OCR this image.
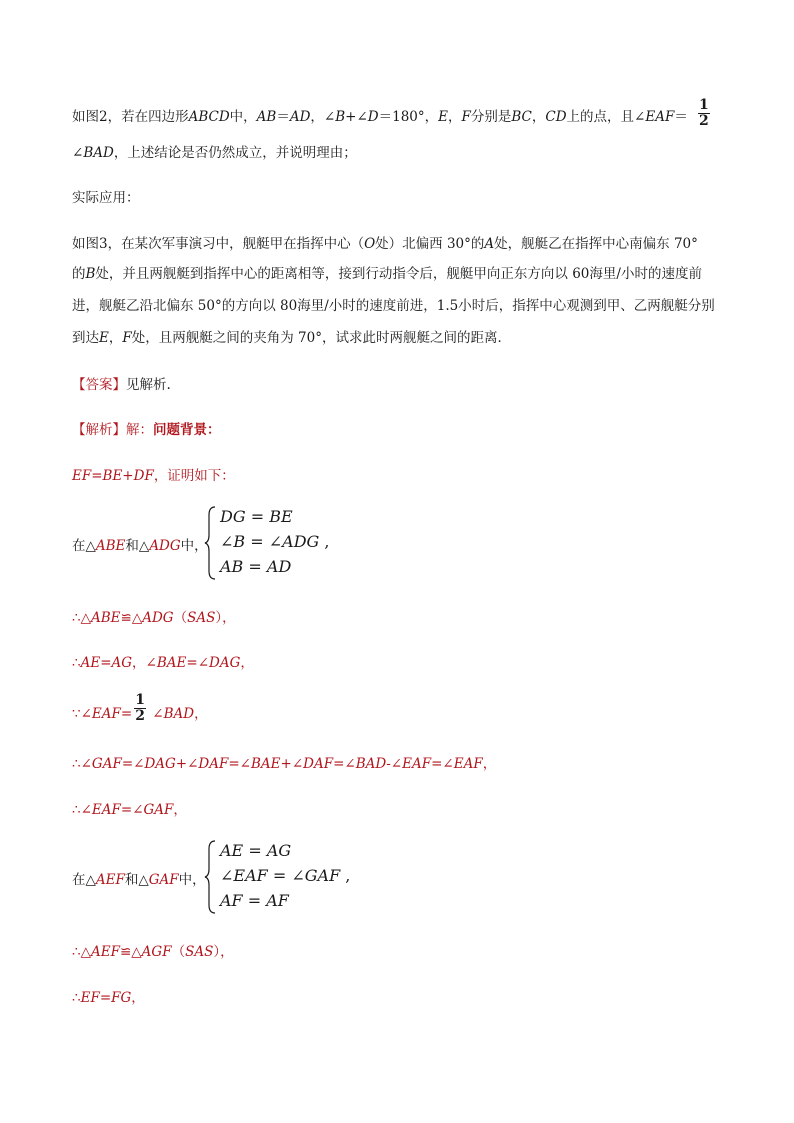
如图2，若在四边形ABCD中，AB＝AD，∠B+∠D＝180°，E，F分别是BC，CD上的点，且∠EAF＝ $\frac{1}{2}$
∠BAD，上述结论是否仍然成立，并说明理由；
实际应用：
如图3，在某次军事演习中，舰艇甲在指挥中心（O处）北偏西 30°的A处，舰艇乙在指挥中心南偏东 70°
的B处，并且两舰艇到指挥中心的距离相等，接到行动指令后，舰艇甲向正东方向以 60海里/小时的速度前
进，舰艇乙沿北偏东 50°的方向以 80海里/小时的速度前进，1.5小时后，指挥中心观测到甲、乙两舰艇分别
到达E，F处，且两舰艇之间的夹角为 70°，试求此时两舰艇之间的距离．
【答案】见解析.
【解析】解：问题背景：
EF=BE+DF，证明如下：
在△ABE和△ADG中，
DG = BE
∠B = ∠ADG ,
AB = AD
∴△ABE≌△ADG（SAS），
∴AE=AG，∠BAE=∠DAG，
∵∠EAF= $\frac{1}{2}$ ∠BAD，
∴∠GAF=∠DAG+∠DAF=∠BAE+∠DAF=∠BAD-∠EAF=∠EAF，
∴∠EAF=∠GAF，
在△AEF和△GAF中，
AE = AG
∠EAF = ∠GAF ,
AF = AF
∴△AEF≌△AGF（SAS），
∴EF=FG，
